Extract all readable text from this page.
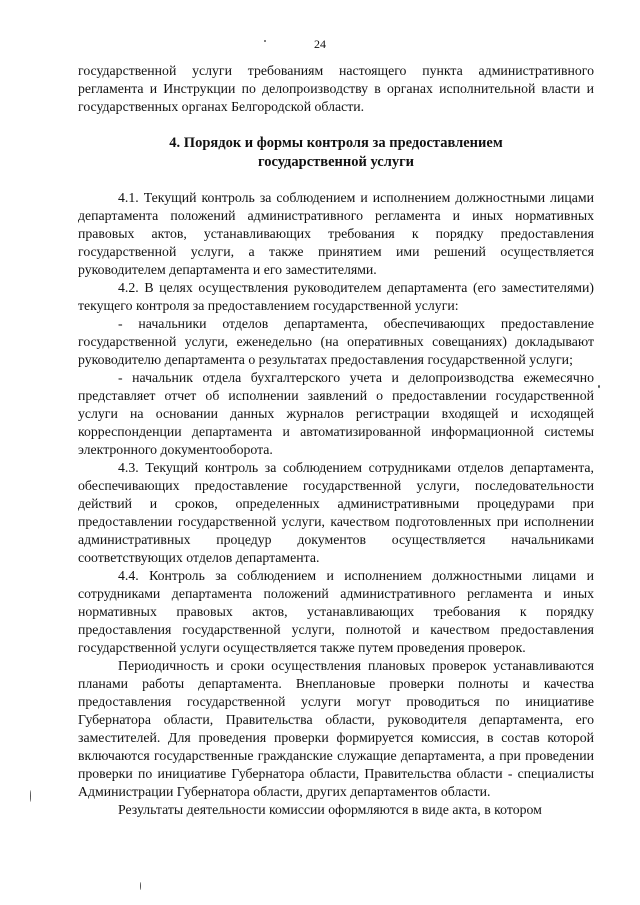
24

государственной услуги требованиям настоящего пункта административного регламента и Инструкции по делопроизводству в органах исполнительной власти и государственных органах Белгородской области.

4. Порядок и формы контроля за предоставлением
государственной услуги

4.1. Текущий контроль за соблюдением и исполнением должностными лицами департамента положений административного регламента и иных нормативных правовых актов, устанавливающих требования к порядку предоставления государственной услуги, а также принятием ими решений осуществляется руководителем департамента и его заместителями.

4.2. В целях осуществления руководителем департамента (его заместителями) текущего контроля за предоставлением государственной услуги:

- начальники отделов департамента, обеспечивающих предоставление государственной услуги, еженедельно (на оперативных совещаниях) докладывают руководителю департамента о результатах предоставления государственной услуги;

- начальник отдела бухгалтерского учета и делопроизводства ежемесячно представляет отчет об исполнении заявлений о предоставлении государственной услуги на основании данных журналов регистрации входящей и исходящей корреспонденции департамента и автоматизированной информационной системы электронного документооборота.

4.3. Текущий контроль за соблюдением сотрудниками отделов департамента, обеспечивающих предоставление государственной услуги, последовательности действий и сроков, определенных административными процедурами при предоставлении государственной услуги, качеством подготовленных при исполнении административных процедур документов осуществляется начальниками соответствующих отделов департамента.

4.4. Контроль за соблюдением и исполнением должностными лицами и сотрудниками департамента положений административного регламента и иных нормативных правовых актов, устанавливающих требования к порядку предоставления государственной услуги, полнотой и качеством предоставления государственной услуги осуществляется также путем проведения проверок.

Периодичность и сроки осуществления плановых проверок устанавливаются планами работы департамента. Внеплановые проверки полноты и качества предоставления государственной услуги могут проводиться по инициативе Губернатора области, Правительства области, руководителя департамента, его заместителей. Для проведения проверки формируется комиссия, в состав которой включаются государственные гражданские служащие департамента, а при проведении проверки по инициативе Губернатора области, Правительства области - специалисты Администрации Губернатора области, других департаментов области.

Результаты деятельности комиссии оформляются в виде акта, в котором
